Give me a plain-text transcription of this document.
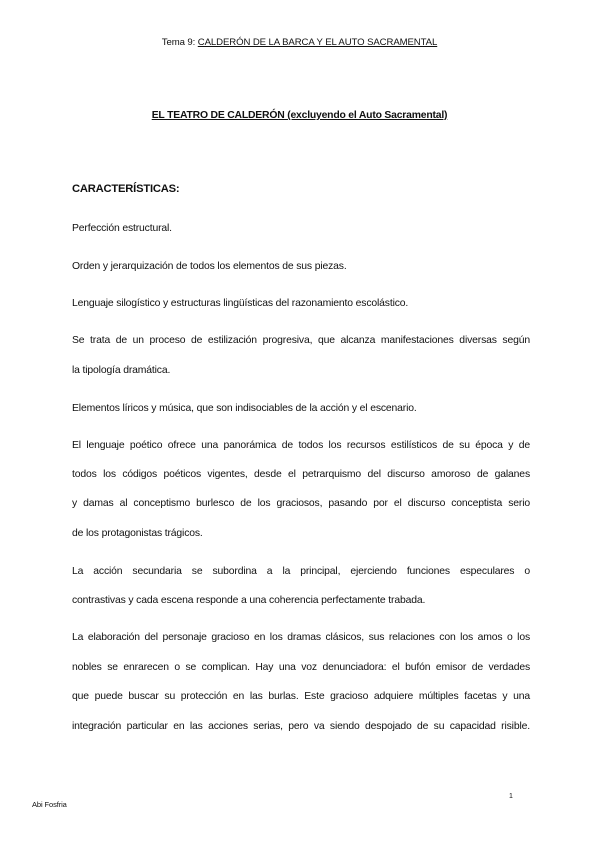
Tema 9: CALDERÓN DE LA BARCA Y EL AUTO SACRAMENTAL
EL TEATRO DE CALDERÓN (excluyendo el Auto Sacramental)
CARACTERÍSTICAS:
Perfección estructural.
Orden y jerarquización de todos los elementos de sus piezas.
Lenguaje silogístico y estructuras lingüísticas del razonamiento escolástico.
Se trata de un proceso de estilización progresiva, que alcanza manifestaciones diversas según
la tipología dramática.
Elementos líricos y música, que son indisociables de la acción y el escenario.
El lenguaje poético ofrece una panorámica de todos los recursos estilísticos de su época y de
todos los códigos poéticos vigentes, desde el petrarquismo del discurso amoroso de galanes
y damas al conceptismo burlesco de los graciosos, pasando por el discurso conceptista serio
de los protagonistas trágicos.
La acción secundaria se subordina a la principal, ejerciendo funciones especulares o
contrastivas y cada escena responde a una coherencia perfectamente trabada.
La elaboración del personaje gracioso en los dramas clásicos, sus relaciones con los amos o los
nobles se enrarecen o se complican. Hay una voz denunciadora: el bufón emisor de verdades
que puede buscar su protección en las burlas. Este gracioso adquiere múltiples facetas y una
integración particular en las acciones serias, pero va siendo despojado de su capacidad risible.
1
Abi Fosfria
